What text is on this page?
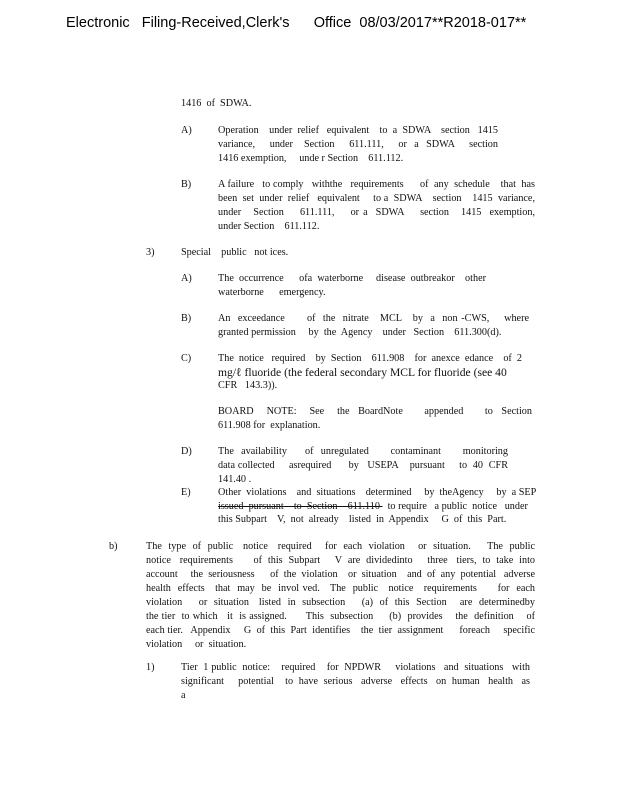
Electronic   Filing-Received,Clerk's      Office  08/03/2017**R2018-017**
1416  of  SDWA.
A)	Operation    under  relief   equivalent    to  a  SDWA    section   1415 variance,    under   Section    611.111,    or  a  SDWA    section    1416 exemption,     unde r Section    611.112.
B)	A failure   to comply   withthe   requirements      of  any  schedule    that  has been  set  under  relief   equivalent     to a  SDWA    section    1415  variance, under   Section    611.111,    or a  SDWA    section   1415  exemption,     under Section    611.112.
3)	Special    public   not ices.
A)	The  occurrence      ofa  waterborne     disease  outbreakor    other waterborne      emergency.
B)	An  exceedance      of  the  nitrate   MCL   by  a  non -CWS,    where   granted permission     by  the  Agency    under   Section    611.300(d).
C)	The  notice   required    by  Section    611.908    for  anexce  edance    of  2
mg/ℓ fluoride (the federal secondary MCL for fluoride (see 40
CFR   143.3)).
BOARD   NOTE:   See   the  BoardNote     appended     to  Section    611.908 for  explanation.
D)	The  availability     of  unregulated      contaminant      monitoring     data collected     asrequired      by   USEPA    pursuant     to  40  CFR   141.40 .
E)	Other  violations    and  situations    determined     by  theAgency     by  a SEP
issued  pursuant    to  Section    611.110   to require   a public  notice   under
this Subpart    V,  not  already    listed  in  Appendix     G  of  this  Part.
b)	The  type  of  public   notice   required    for  each  violation    or  situation.     The  public notice   requirements       of  this  Subpart     V  are  dividedinto     three   tiers,  to  take  into account     the  seriousness      of  the  violation    or  situation    and  of  any  potential   adverse health  effects   that  may  be  invol ved.   The  public   notice   requirements      for  each violation     or  situation   listed  in  subsection     (a)  of  this  Section    are  determinedby       the tier  to which   it  is assigned.      This  subsection     (b)  provides    the  definition    of  each tier.   Appendix     G  of  this  Part  identifies    the  tier  assignment      foreach     specific violation     or  situation.
1)	Tier  1 public  notice:    required    for  NPDWR     violations   and  situations   with significant     potential    to  have  serious   adverse   effects   on  human   health   as  a
